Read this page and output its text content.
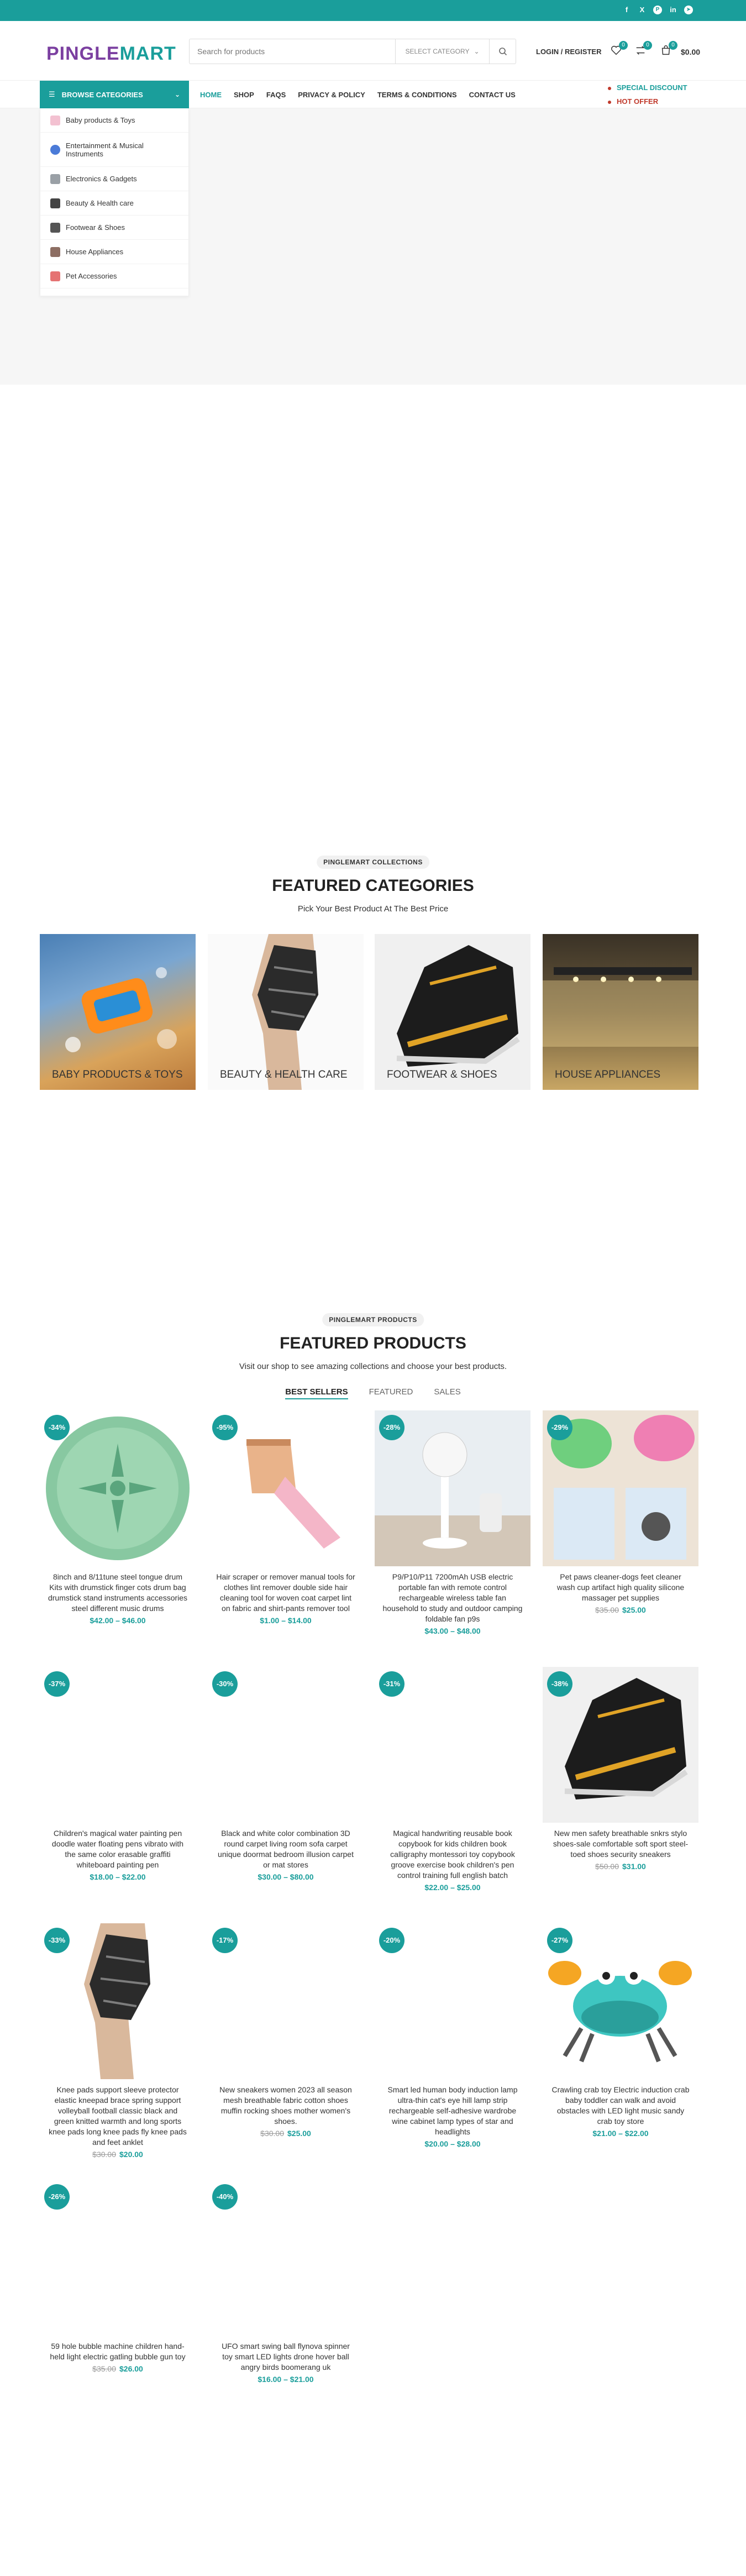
f	X	P	in	➤
PINGLEMART
Search for products	SELECT CATEGORY ⌄	LOGIN / REGISTER
0	0	0
$0.00
☰ BROWSE CATEGORIES	⌄	HOME SHOP FAQS PRIVACY & POLICY TERMS & CONDITIONS CONTACT US
SPECIAL DISCOUNT
HOT OFFER
Baby products & Toys
Entertainment & Musical Instruments
Electronics & Gadgets
Beauty & Health care
Footwear & Shoes
House Appliances
Pet Accessories
PINGLEMART COLLECTIONS
FEATURED CATEGORIES
Pick Your Best Product At The Best Price
BABY PRODUCTS & TOYS	BEAUTY & HEALTH CARE	FOOTWEAR & SHOES	HOUSE APPLIANCES
PINGLEMART PRODUCTS
FEATURED PRODUCTS
Visit our shop to see amazing collections and choose your best products.
BEST SELLERS	FEATURED	SALES
-34%
8inch and 8/11tune steel tongue drum Kits with drumstick finger cots drum bag drumstick stand instruments accessories steel different music drums
$42.00 – $46.00
-95%
Hair scraper or remover manual tools for clothes lint remover double side hair cleaning tool for woven coat carpet lint on fabric and shirt-pants remover tool
$1.00 – $14.00
-28%
P9/P10/P11 7200mAh USB electric portable fan with remote control rechargeable wireless table fan household to study and outdoor camping foldable fan p9s
$43.00 – $48.00
-29%
Pet paws cleaner-dogs feet cleaner wash cup artifact high quality silicone massager pet supplies
$35.00 $25.00
-37%
Children's magical water painting pen doodle water floating pens vibrato with the same color erasable graffiti whiteboard painting pen
$18.00 – $22.00
-30%
Black and white color combination 3D round carpet living room sofa carpet unique doormat bedroom illusion carpet or mat stores
$30.00 – $80.00
-31%
Magical handwriting reusable book copybook for kids children book calligraphy montessori toy copybook groove exercise book children's pen control training full english batch
$22.00 – $25.00
-38%
New men safety breathable snkrs stylo shoes-sale comfortable soft sport steel-toed shoes security sneakers
$50.00 $31.00
-33%
Knee pads support sleeve protector elastic kneepad brace spring support volleyball football classic black and green knitted warmth and long sports knee pads long knee pads fly knee pads and feet anklet
$30.00 $20.00
-17%
New sneakers women 2023 all season mesh breathable fabric cotton shoes muffin rocking shoes mother women's shoes.
$30.00 $25.00
-20%
Smart led human body induction lamp ultra-thin cat's eye hill lamp strip rechargeable self-adhesive wardrobe wine cabinet lamp types of star and headlights
$20.00 – $28.00
-27%
Crawling crab toy Electric induction crab baby toddler can walk and avoid obstacles with LED light music sandy crab toy store
$21.00 – $22.00
-26%
59 hole bubble machine children hand-held light electric gatling bubble gun toy
$35.00 $26.00
-40%
UFO smart swing ball flynova spinner toy smart LED lights drone hover ball angry birds boomerang uk
$16.00 – $21.00
